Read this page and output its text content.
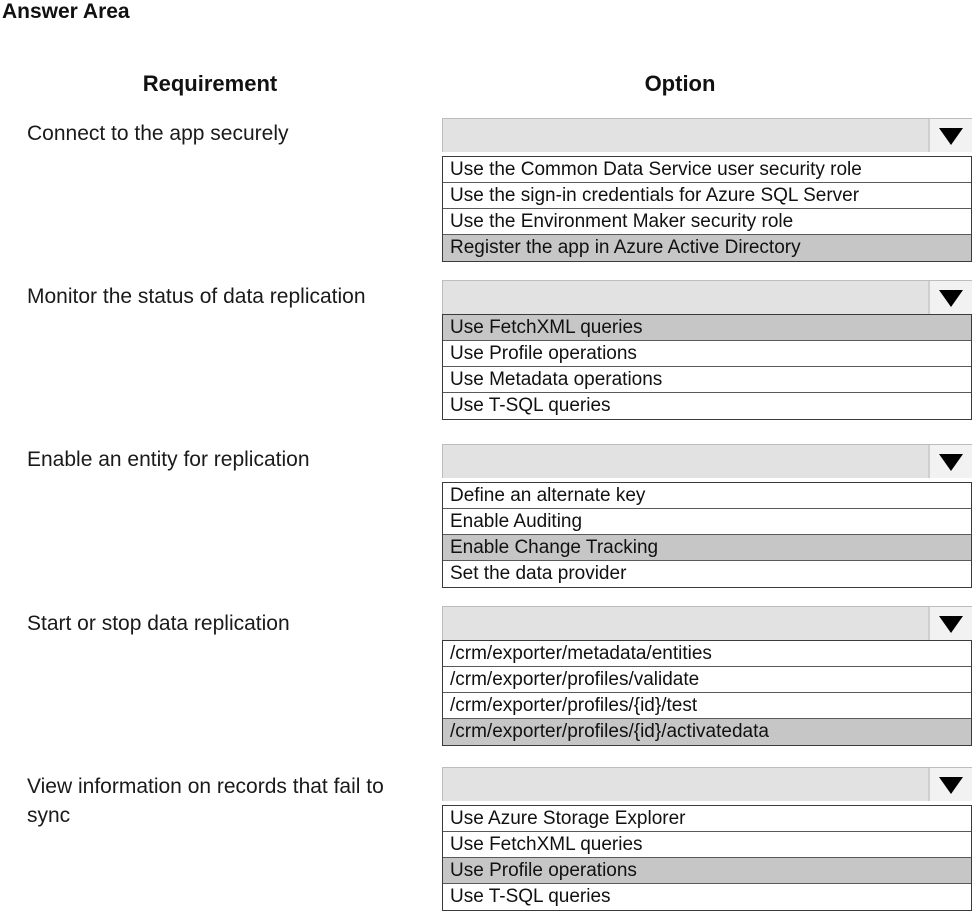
Answer Area
Requirement	Option
Connect to the app securely
Use the Common Data Service user security role
Use the sign-in credentials for Azure SQL Server
Use the Environment Maker security role
Register the app in Azure Active Directory
Monitor the status of data replication
Use FetchXML queries
Use Profile operations
Use Metadata operations
Use T-SQL queries
Enable an entity for replication
Define an alternate key
Enable Auditing
Enable Change Tracking
Set the data provider
Start or stop data replication
/crm/exporter/metadata/entities
/crm/exporter/profiles/validate
/crm/exporter/profiles/{id}/test
/crm/exporter/profiles/{id}/activatedata
View information on records that fail to sync	Use Azure Storage Explorer
Use FetchXML queries
Use Profile operations
Use T-SQL queries
